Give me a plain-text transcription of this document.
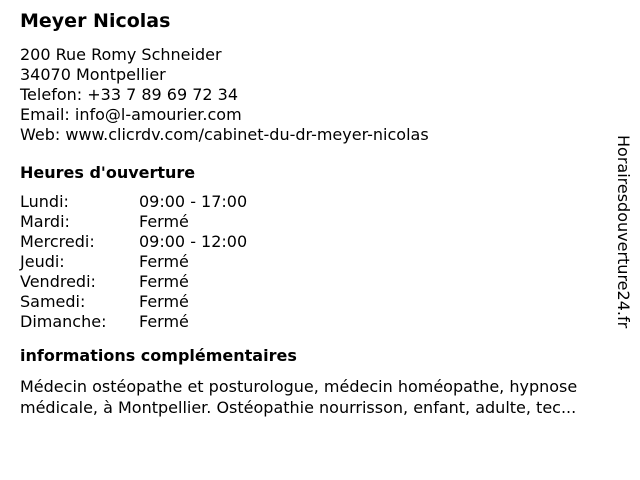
Meyer Nicolas
200 Rue Romy Schneider
34070 Montpellier
Telefon: +33 7 89 69 72 34
Email: info@l-amourier.com
Web: www.clicrdv.com/cabinet-du-dr-meyer-nicolas
Heures d'ouverture
Lundi:	09:00 - 17:00
Mardi:	Fermé
Mercredi:	09:00 - 12:00
Jeudi:	Fermé
Vendredi:	Fermé
Samedi:	Fermé
Dimanche:	Fermé
informations complémentaires
Médecin ostéopathe et posturologue, médecin homéopathe, hypnose médicale, à Montpellier. Ostéopathie nourrisson, enfant, adulte, tec...
Horairesdouverture24.fr
